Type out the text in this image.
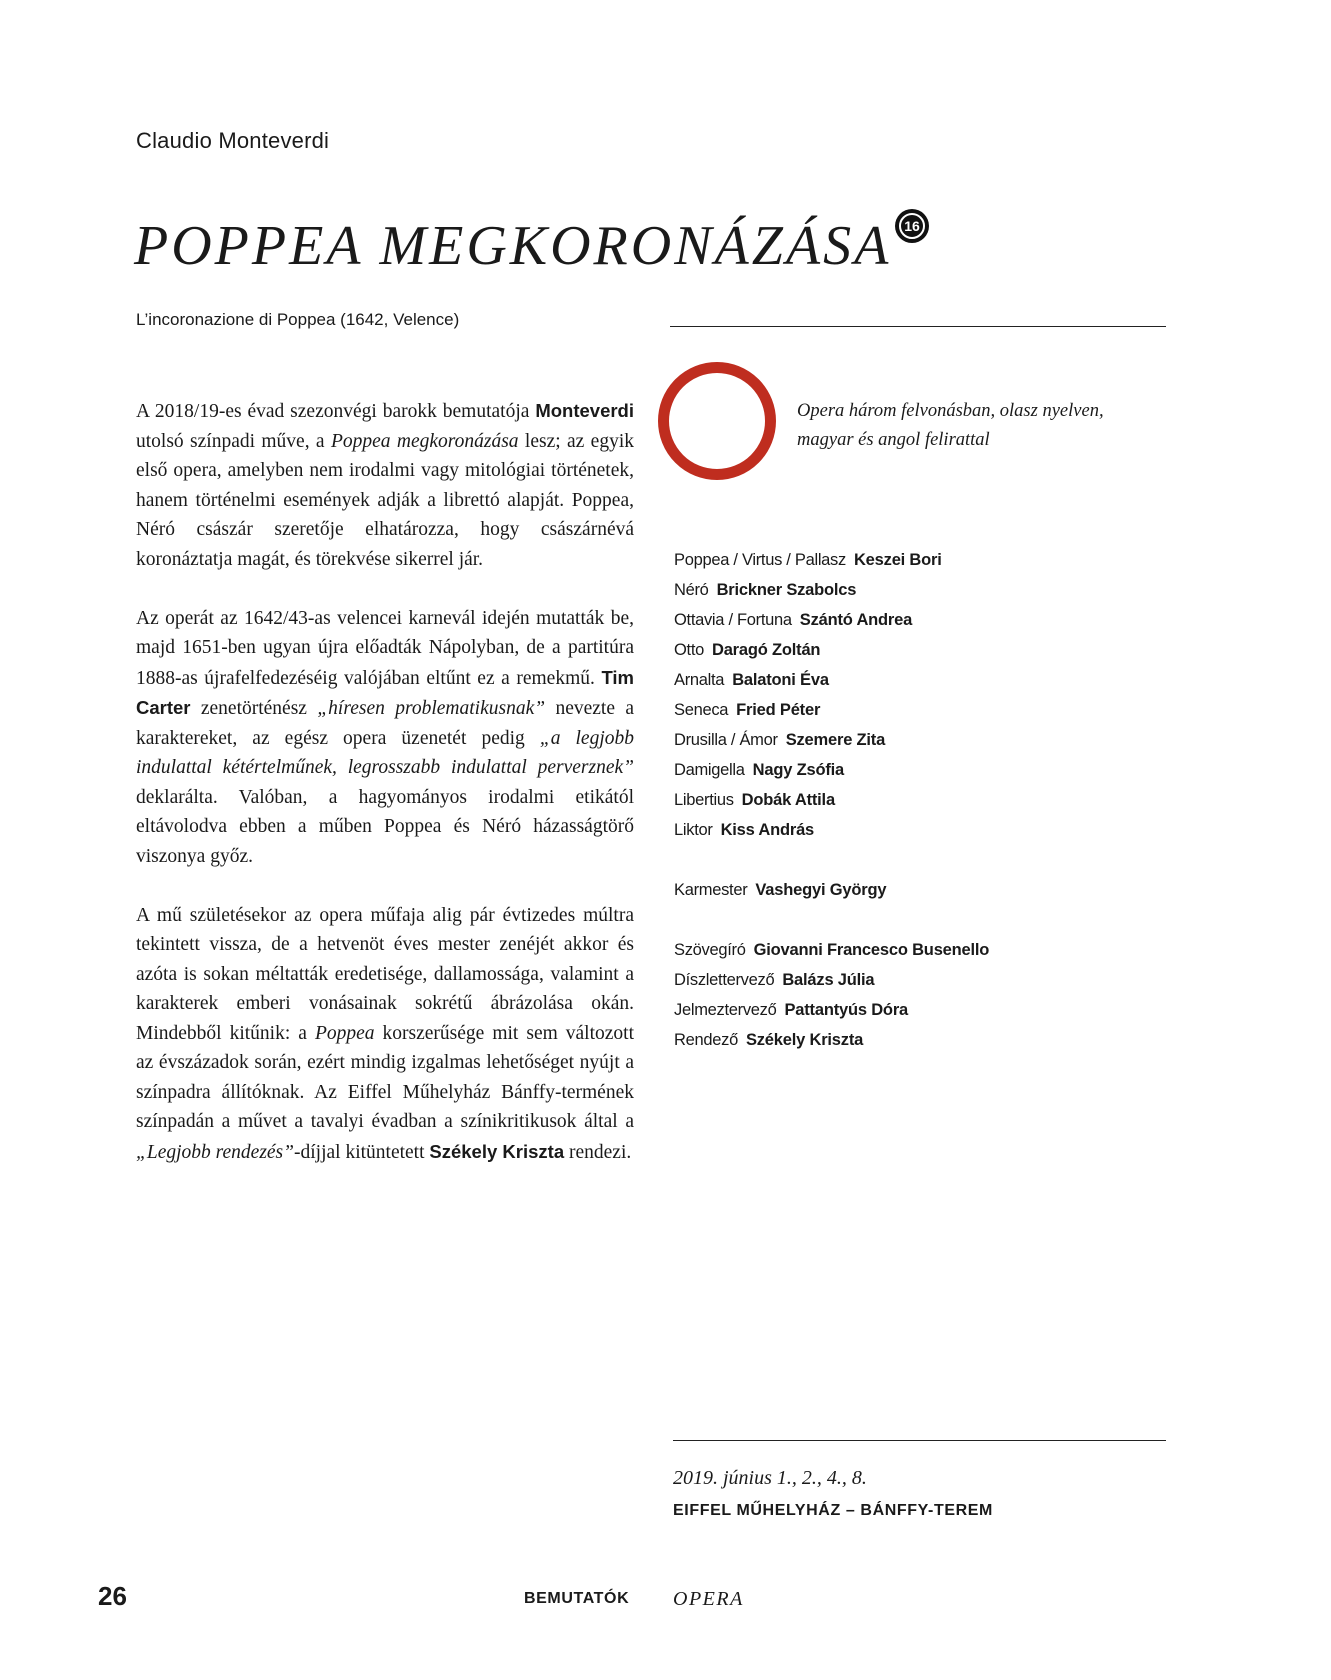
Claudio Monteverdi
POPPEA MEGKORONÁZÁSA 16
L’incoronazione di Poppea (1642, Velence)

A 2018/19-es évad szezonvégi barokk bemutatója Monteverdi utolsó színpadi műve, a Poppea megkoronázása lesz; az egyik első opera, amelyben nem irodalmi vagy mitológiai történetek, hanem történelmi események adják a librettó alapját. Poppea, Néró császár szeretője elhatározza, hogy császárnévá koronáztatja magát, és törekvése sikerrel jár.

Az operát az 1642/43-as velencei karnevál idején mutatták be, majd 1651-ben ugyan újra előadták Nápolyban, de a partitúra 1888-as újrafelfedezéséig valójában eltűnt ez a remekmű. Tim Carter zenetörténész „híresen problematikusnak” nevezte a karaktereket, az egész opera üzenetét pedig „a legjobb indulattal kétértelműnek, legrosszabb indulattal perverznek” deklarálta. Valóban, a hagyományos irodalmi etikától eltávolodva ebben a műben Poppea és Néró házasságtörő viszonya győz.

A mű születésekor az opera műfaja alig pár évtizedes múltra tekintett vissza, de a hetvenöt éves mester zenéjét akkor és azóta is sokan méltatták eredetisége, dallamossága, valamint a karakterek emberi vonásainak sokrétű ábrázolása okán. Mindebből kitűnik: a Poppea korszerűsége mit sem változott az évszázadok során, ezért mindig izgalmas lehetőséget nyújt a színpadra állítóknak. Az Eiffel Műhelyház Bánffy-termének színpadán a művet a tavalyi évadban a színikritikusok által a „Legjobb rendezés”-díjjal kitüntetett Székely Kriszta rendezi.

Opera három felvonásban, olasz nyelven, magyar és angol felirattal
Poppea / Virtus / Pallasz Keszei Bori
Néró Brickner Szabolcs
Ottavia / Fortuna Szántó Andrea
Otto Daragó Zoltán
Arnalta Balatoni Éva
Seneca Fried Péter
Drusilla / Ámor Szemere Zita
Damigella Nagy Zsófia
Libertius Dobák Attila
Liktor Kiss András
Karmester Vashegyi György
Szövegíró Giovanni Francesco Busenello
Díszlettervező Balázs Júlia
Jelmeztervező Pattantyús Dóra
Rendező Székely Kriszta
2019. június 1., 2., 4., 8.
EIFFEL MŰHELYHÁZ – BÁNFFY-TEREM
26	BEMUTATÓK OPERA
